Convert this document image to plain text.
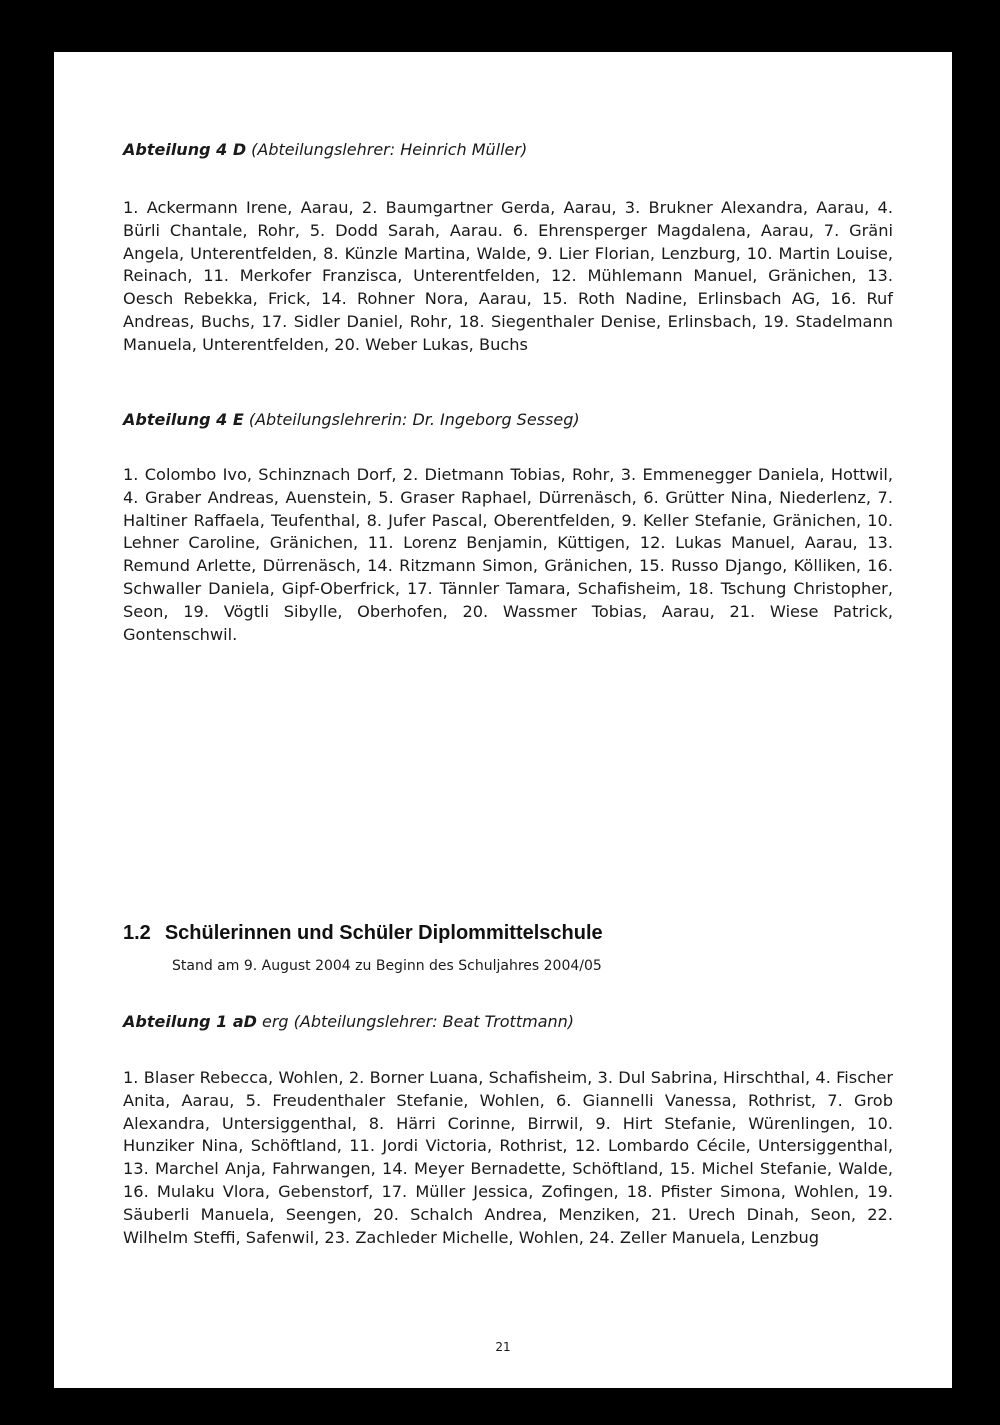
Abteilung 4 D (Abteilungslehrer: Heinrich Müller)

1. Ackermann Irene, Aarau, 2. Baumgartner Gerda, Aarau, 3. Brukner Alexandra, Aarau, 4. Bürli Chantale, Rohr, 5. Dodd Sarah, Aarau. 6. Ehrensperger Magdalena, Aarau, 7. Gräni Angela, Unterentfelden, 8. Künzle Martina, Walde, 9. Lier Florian, Lenzburg, 10. Martin Louise, Reinach, 11. Merkofer Franzisca, Unterentfelden, 12. Mühlemann Manuel, Gränichen, 13. Oesch Rebekka, Frick, 14. Rohner Nora, Aarau, 15. Roth Nadine, Erlinsbach AG, 16. Ruf Andreas, Buchs, 17. Sidler Daniel, Rohr, 18. Siegenthaler Denise, Erlinsbach, 19. Stadelmann Manuela, Unterentfelden, 20. Weber Lukas, Buchs

Abteilung 4 E (Abteilungslehrerin: Dr. Ingeborg Sesseg)

1. Colombo Ivo, Schinznach Dorf, 2. Dietmann Tobias, Rohr, 3. Emmenegger Daniela, Hottwil, 4. Graber Andreas, Auenstein, 5. Graser Raphael, Dürrenäsch, 6. Grütter Nina, Niederlenz, 7. Haltiner Raffaela, Teufenthal, 8. Jufer Pascal, Oberentfelden, 9. Keller Stefanie, Gränichen, 10. Lehner Caroline, Gränichen, 11. Lorenz Benjamin, Küttigen, 12. Lukas Manuel, Aarau, 13. Remund Arlette, Dürrenäsch, 14. Ritzmann Simon, Gränichen, 15. Russo Django, Kölliken, 16. Schwaller Daniela, Gipf-Oberfrick, 17. Tännler Tamara, Schafisheim, 18. Tschung Christopher, Seon, 19. Vögtli Sibylle, Oberhofen, 20. Wassmer Tobias, Aarau, 21. Wiese Patrick, Gontenschwil.

1.2 Schülerinnen und Schüler Diplommittelschule

Stand am 9. August 2004 zu Beginn des Schuljahres 2004/05

Abteilung 1 aD erg (Abteilungslehrer: Beat Trottmann)

1. Blaser Rebecca, Wohlen, 2. Borner Luana, Schafisheim, 3. Dul Sabrina, Hirschthal, 4. Fischer Anita, Aarau, 5. Freudenthaler Stefanie, Wohlen, 6. Giannelli Vanessa, Rothrist, 7. Grob Alexandra, Untersiggenthal, 8. Härri Corinne, Birrwil, 9. Hirt Stefanie, Würenlingen, 10. Hunziker Nina, Schöftland, 11. Jordi Victoria, Rothrist, 12. Lombardo Cécile, Untersiggenthal, 13. Marchel Anja, Fahrwangen, 14. Meyer Bernadette, Schöftland, 15. Michel Stefanie, Walde, 16. Mulaku Vlora, Gebenstorf, 17. Müller Jessica, Zofingen, 18. Pfister Simona, Wohlen, 19. Säuberli Manuela, Seengen, 20. Schalch Andrea, Menziken, 21. Urech Dinah, Seon, 22. Wilhelm Steffi, Safenwil, 23. Zachleder Michelle, Wohlen, 24. Zeller Manuela, Lenzbug

21
